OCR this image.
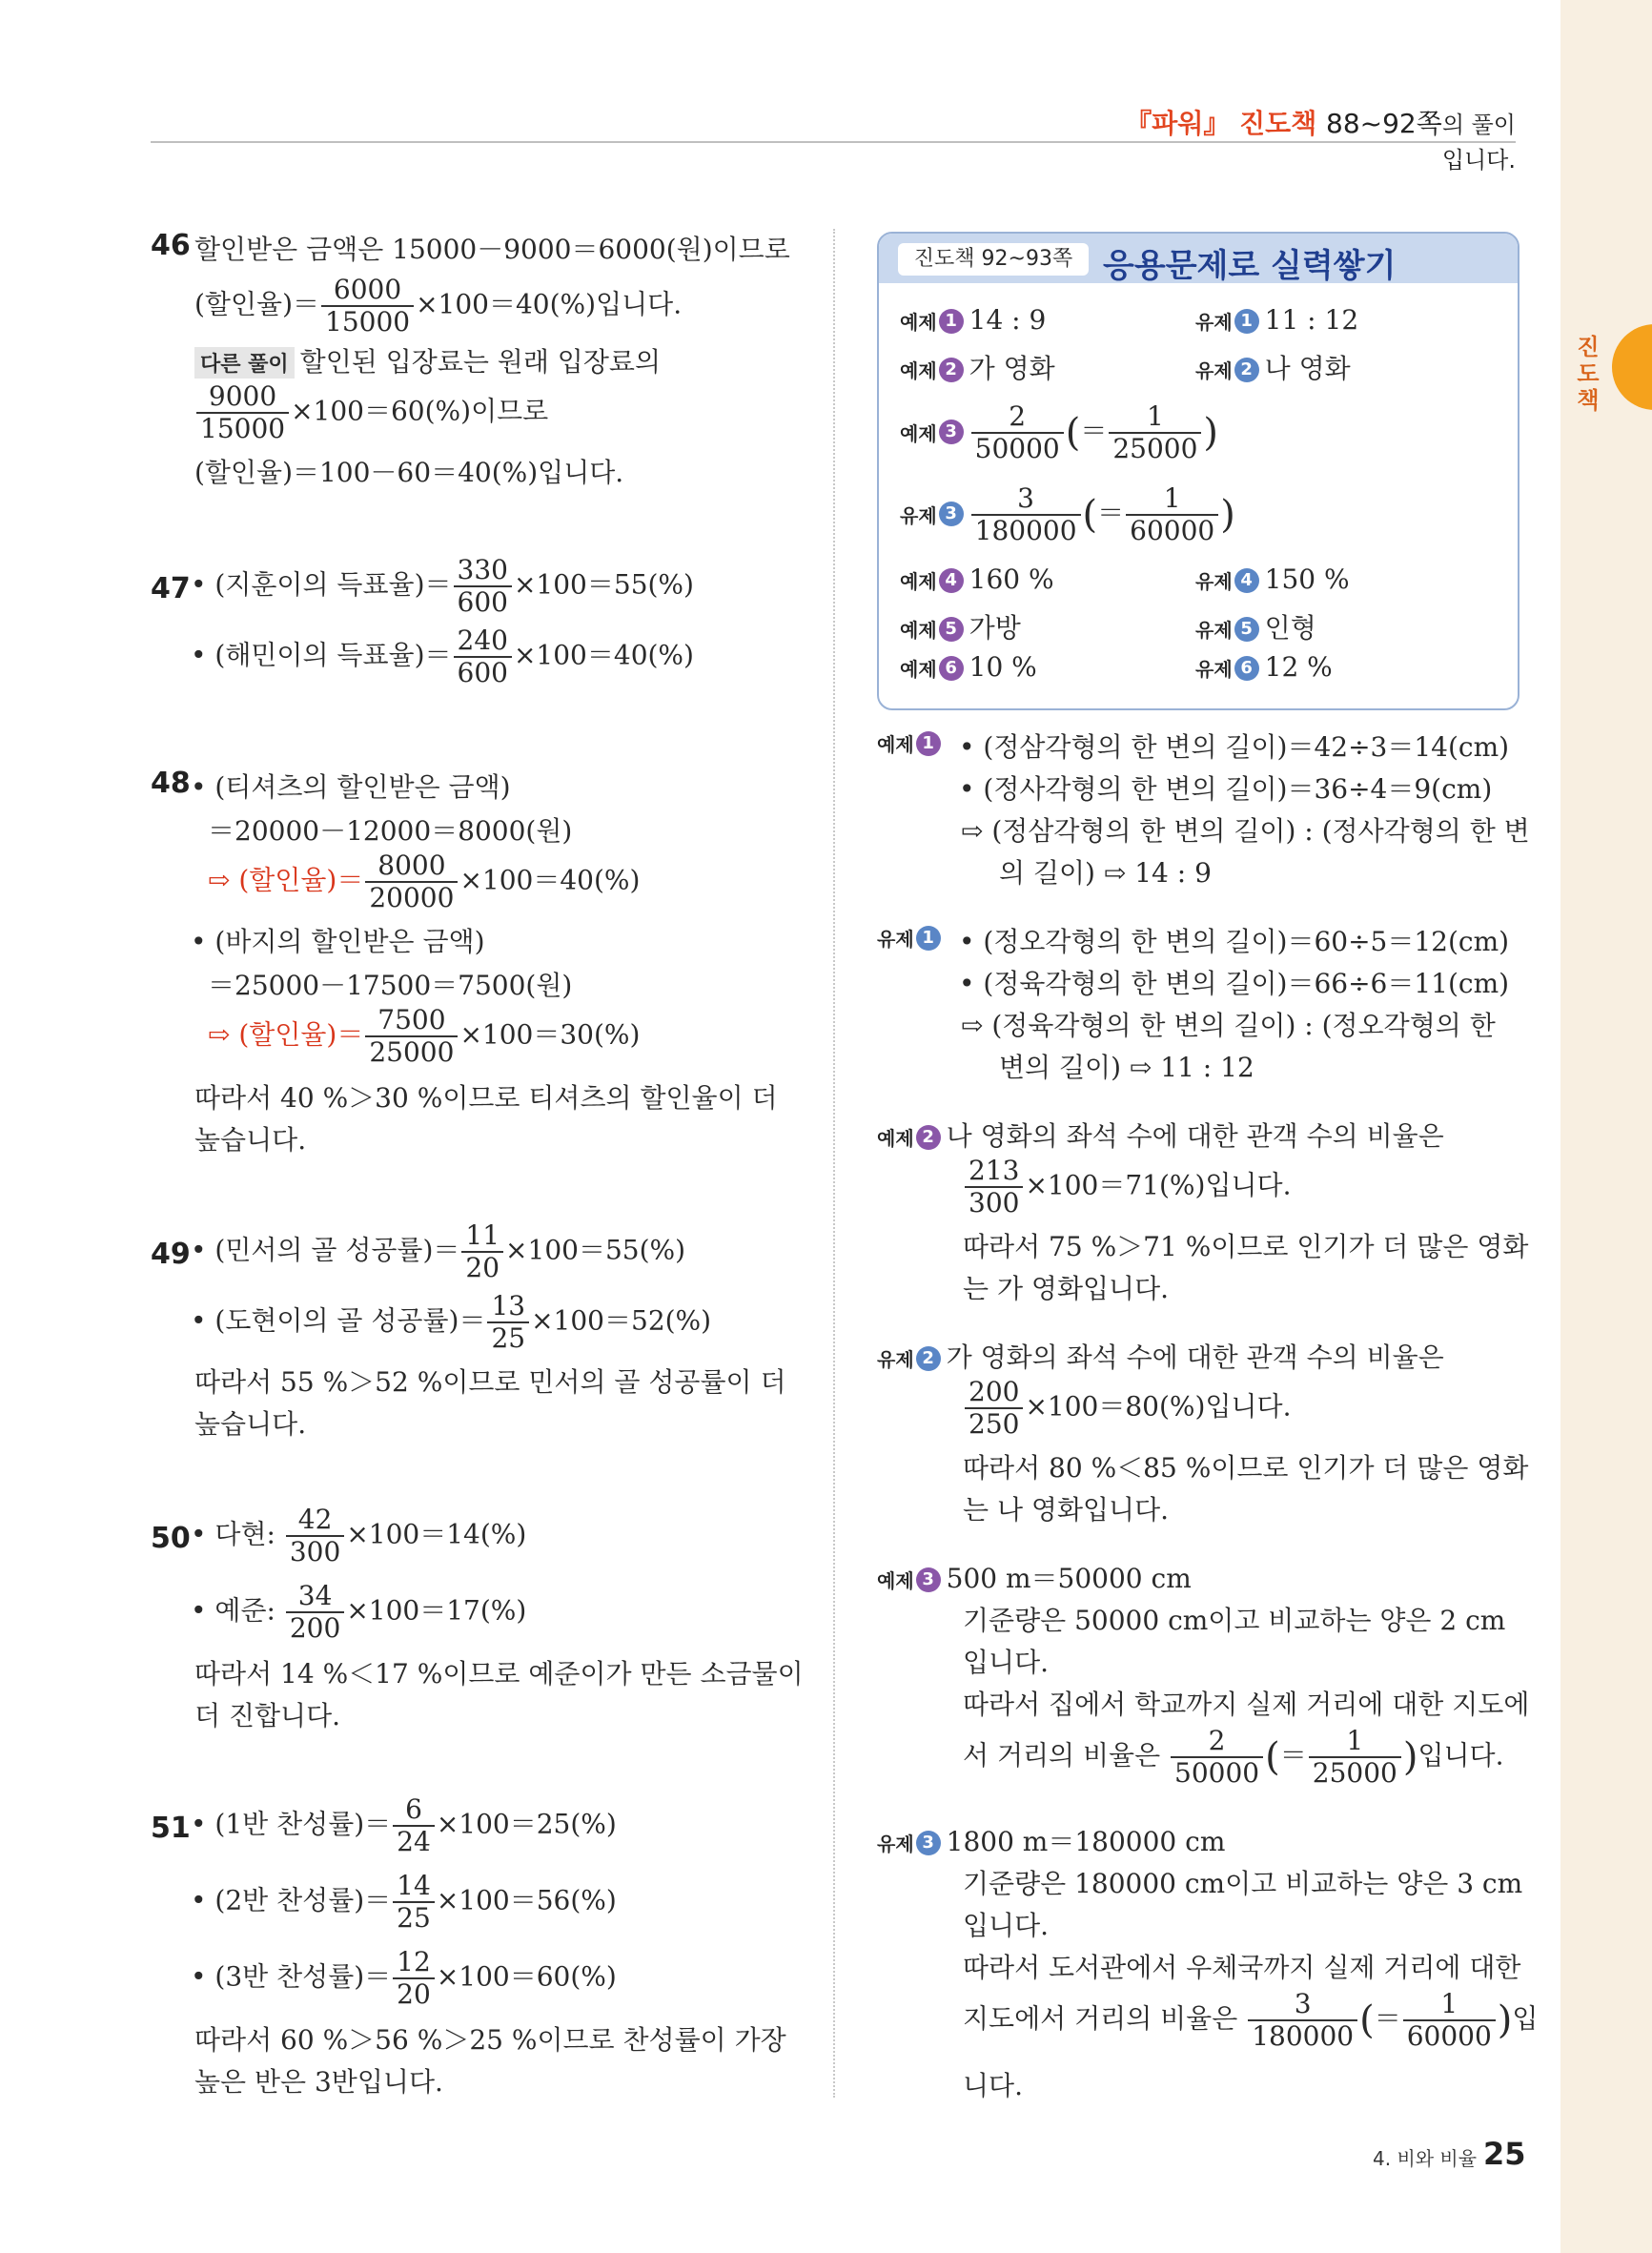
진도책
『파워』 진도책 88~92쪽의 풀이입니다.
46 할인받은 금액은 15000－9000＝6000(원)이므로
(할인율)＝ $\frac{6000}{15000} \times 100=40(\%)$입니다.
다른 풀이 할인된 입장료는 원래 입장료의
$\frac{9000}{15000} \times 100=60(\%)$이므로
(할인율)＝100－60＝40(%)입니다.
47 • (지훈이의 득표율)＝ $\frac{330}{600} \times 100=55(\%)$
• (해민이의 득표율)＝ $\frac{240}{600} \times 100=40(\%)$
48 • (티셔츠의 할인받은 금액)
＝20000－12000＝8000(원)
⇨ (할인율)＝ $\frac{8000}{20000} \times 100=40(\%)$
• (바지의 할인받은 금액)
＝25000－17500＝7500(원)
⇨ (할인율)＝ $\frac{7500}{25000} \times 100=30(\%)$
따라서 40 %＞30 %이므로 티셔츠의 할인율이 더
높습니다.
49 • (민서의 골 성공률)＝ $\frac{11}{20} \times 100=55(\%)$
• (도현이의 골 성공률)＝ $\frac{13}{25} \times 100=52(\%)$
따라서 55 %＞52 %이므로 민서의 골 성공률이 더
높습니다.
50 • 다현: $\frac{42}{300} \times 100=14(\%)$
• 예준: $\frac{34}{200} \times 100=17(\%)$
따라서 14 %＜17 %이므로 예준이가 만든 소금물이
더 진합니다.
51 • (1반 찬성률)＝ $\frac{6}{24} \times 100=25(\%)$
• (2반 찬성률)＝ $\frac{14}{25} \times 100=56(\%)$
• (3반 찬성률)＝ $\frac{12}{20} \times 100=60(\%)$
따라서 60 %＞56 %＞25 %이므로 찬성률이 가장
높은 반은 3반입니다.
진도책 92~93쪽 응용문제로 실력쌓기
예제 1 14 : 9	유제 1 11 : 12
예제 2 가 영화	유제 2 나 영화
예제 $3 \frac{2}{50000}$ (＝ $\frac{1}{25000}$ )
유제 $3 \frac{3}{180000}$ (＝ $\frac{1}{60000}$ )
예제 4 160 %	유제 4 150 %
예제 5 가방	유제 5 인형
예제 6 10 %	유제 6 12 %
예제 1 • (정삼각형의 한 변의 길이)＝42÷3＝14(cm)
• (정사각형의 한 변의 길이)＝36÷4＝9(cm)
⇨ (정삼각형의 한 변의 길이) : (정사각형의 한 변
의 길이) ⇨ 14 : 9
유제 1 • (정오각형의 한 변의 길이)＝60÷5＝12(cm)
• (정육각형의 한 변의 길이)＝66÷6＝11(cm)
⇨ (정육각형의 한 변의 길이) : (정오각형의 한
변의 길이) ⇨ 11 : 12
예제 2 나 영화의 좌석 수에 대한 관객 수의 비율은
$\frac{213}{300} \times 100=71(\%)$입니다.
따라서 75 %＞71 %이므로 인기가 더 많은 영화
는 가 영화입니다.
유제 2 가 영화의 좌석 수에 대한 관객 수의 비율은
$\frac{200}{250} \times 100=80(\%)$입니다.
따라서 80 %＜85 %이므로 인기가 더 많은 영화
는 나 영화입니다.
예제 3 500 m＝50000 cm
기준량은 50000 cm이고 비교하는 양은 2 cm
입니다.
따라서 집에서 학교까지 실제 거리에 대한 지도에
서 거리의 비율은 $\frac{2}{50000}$ (＝ $\frac{1}{25000}$ )입니다.
유제 3 1800 m＝180000 cm
기준량은 180000 cm이고 비교하는 양은 3 cm
입니다.
따라서 도서관에서 우체국까지 실제 거리에 대한
지도에서 거리의 비율은 $\frac{3}{180000}$ (＝ $\frac{1}{60000}$ )입
니다.
4. 비와 비율 25
